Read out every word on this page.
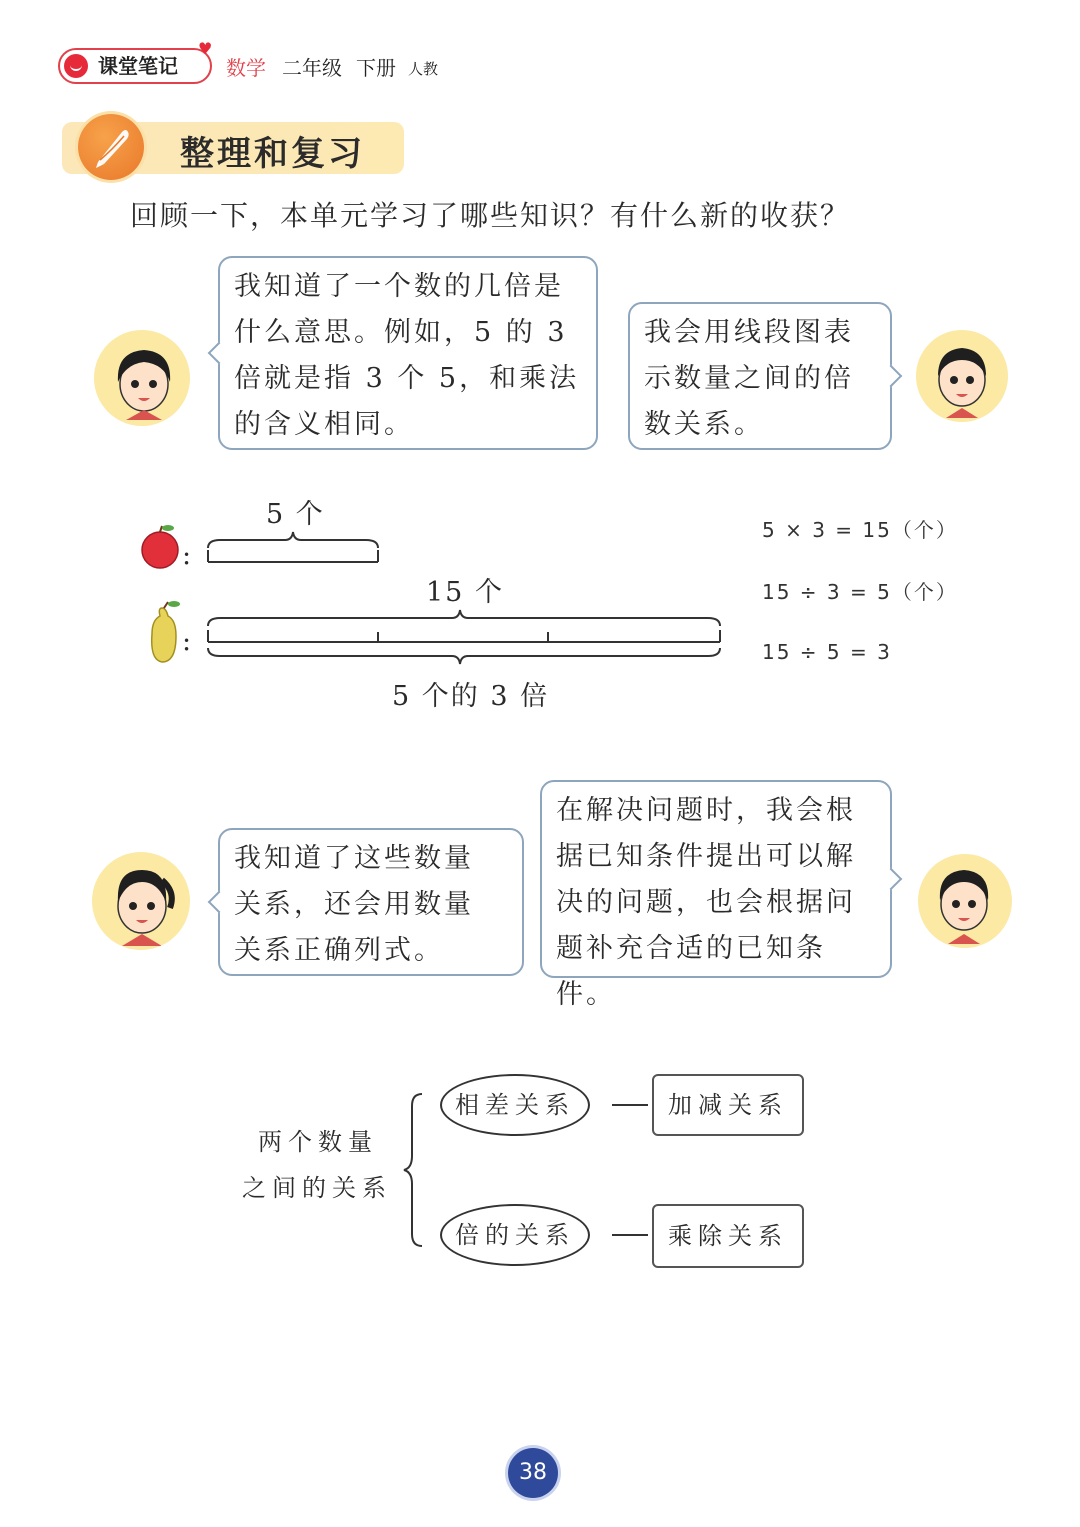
课堂笔记
♥
数学 二年级 下册 人教
整理和复习
回顾一下，本单元学习了哪些知识？有什么新的收获？
我知道了一个数的几倍是
什么意思。例如，5 的 3
倍就是指 3 个 5，和乘法
的含义相同。
我会用线段图表
示数量之间的倍
数关系。
我知道了这些数量
关系，还会用数量
关系正确列式。
在解决问题时，我会根
据已知条件提出可以解
决的问题，也会根据问
题补充合适的已知条件。
5 个
15 个
5 个的 3 倍
:
:
5 × 3 = 15（个）
15 ÷ 3 = 5（个）
15 ÷ 5 = 3
两个数量
之间的关系
相差关系	加减关系
倍的关系	乘除关系
38
